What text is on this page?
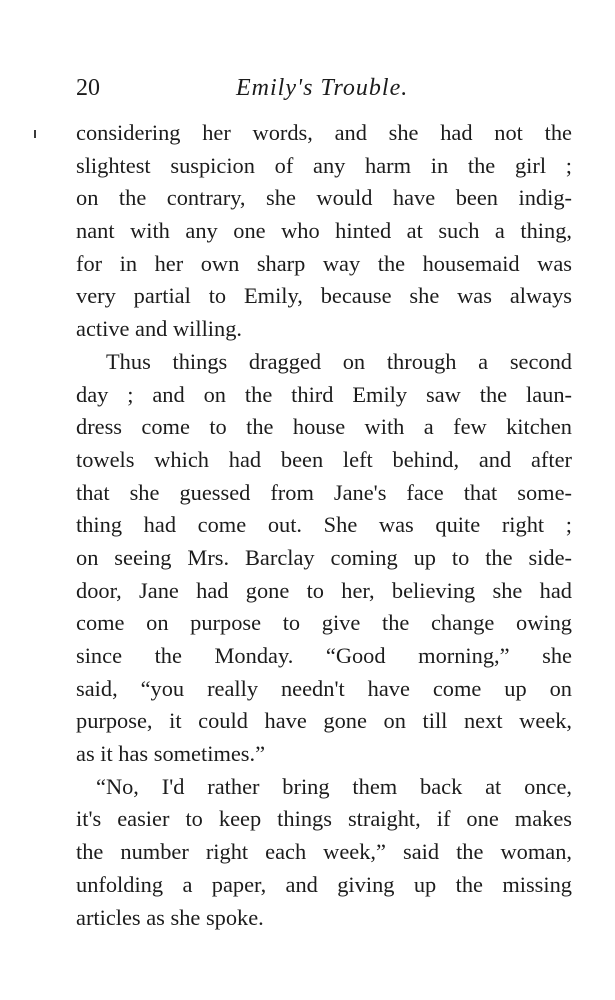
20	Emily's Trouble.
considering her words, and she had not the
slightest suspicion of any harm in the girl ;
on the contrary, she would have been indig-
nant with any one who hinted at such a thing,
for in her own sharp way the housemaid was
very partial to Emily, because she was always
active and willing.
Thus things dragged on through a second
day ; and on the third Emily saw the laun-
dress come to the house with a few kitchen
towels which had been left behind, and after
that she guessed from Jane's face that some-
thing had come out. She was quite right ;
on seeing Mrs. Barclay coming up to the side-
door, Jane had gone to her, believing she had
come on purpose to give the change owing
since the Monday. “Good morning,” she
said, “you really needn't have come up on
purpose, it could have gone on till next week,
as it has sometimes.”
“No, I'd rather bring them back at once,
it's easier to keep things straight, if one makes
the number right each week,” said the woman,
unfolding a paper, and giving up the missing
articles as she spoke.
